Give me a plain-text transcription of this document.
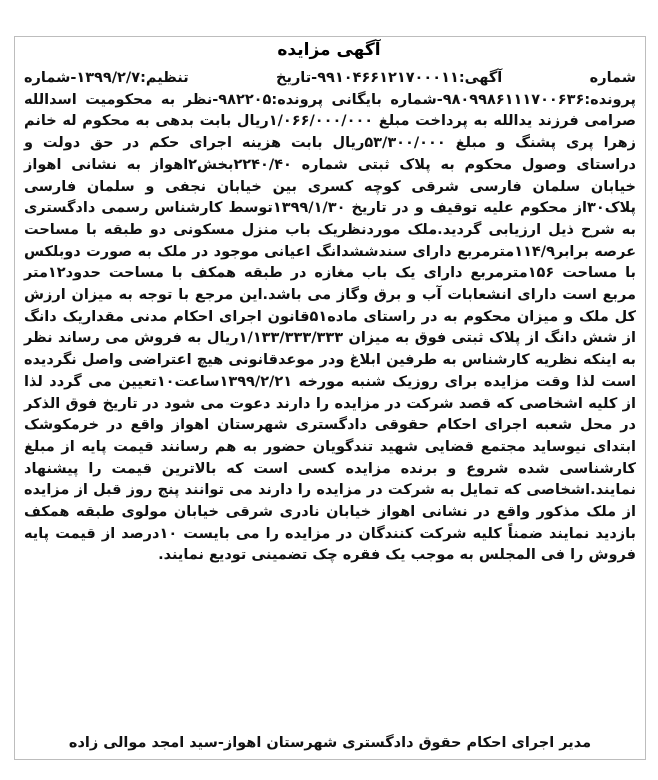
آگهی مزایده

شماره آگهی:۹۹۱۰۴۶۶۱۲۱۷۰۰۰۱۱-تاریخ تنظیم:۱۳۹۹/۲/۷-شماره پرونده:۹۸۰۹۹۸۶۱۱۱۷۰۰۶۳۶-شماره بایگانی پرونده:۹۸۲۲۰۵-نظر به محکومیت اسدالله صرامی فرزند یدالله به پرداخت مبلغ ۱/۰۶۶/۰۰۰/۰۰۰ریال بابت بدهی به محکوم له خانم زهرا پری پشنگ و مبلغ ۵۳/۳۰۰/۰۰۰ریال بابت هزینه اجرای حکم در حق دولت و دراستای وصول محکوم به پلاک ثبتی شماره ۲۲۴۰/۴۰بخش۲اهواز به نشانی اهواز خیابان سلمان فارسی شرقی کوچه کسری بین خیابان نجفی و سلمان فارسی پلاک۳۰از محکوم علیه توقیف و در تاریخ ۱۳۹۹/۱/۳۰توسط کارشناس رسمی دادگستری به شرح ذیل ارزیابی گردید.ملک موردنظریک باب منزل مسکونی دو طبقه با مساحت عرصه برابر۱۱۴/۹مترمربع دارای سندششدانگ اعیانی موجود در ملک به صورت دوبلکس با مساحت ۱۵۶مترمربع دارای یک باب مغازه در طبقه همکف با مساحت حدود۱۲متر مربع است دارای انشعابات آب و برق وگاز می باشد.این مرجع با توجه به میزان ارزش کل ملک و میزان محکوم به در راستای ماده۵۱قانون اجرای احکام مدنی مقداریک دانگ از شش دانگ از پلاک ثبتی فوق به میزان ۱/۱۳۳/۳۳۳/۳۳۳ریال به فروش می رساند نظر به اینکه نظریه کارشناس به طرفین ابلاغ ودر موعدقانونی هیچ اعتراضی واصل نگردیده است لذا وقت مزایده برای روزیک شنبه مورخه ۱۳۹۹/۲/۲۱ساعت۱۰تعیین می گردد لذا از کلیه اشخاصی که قصد شرکت در مزایده را دارند دعوت می شود در تاریخ فوق الذکر در محل شعبه اجرای احکام حقوقی دادگستری شهرستان اهواز واقع در خرمکوشک ابتدای نیوساید مجتمع قضایی شهید تندگویان حضور به هم رسانند قیمت پایه از مبلغ کارشناسی شده شروع و برنده مزایده کسی است که بالاترین قیمت را پیشنهاد نمایند.اشخاصی که تمایل به شرکت در مزایده را دارند می توانند پنج روز قبل از مزایده از ملک مذکور واقع در نشانی اهواز خیابان نادری شرقی خیابان مولوی طبقه همکف بازدید نمایند ضمناً کلیه شرکت کنندگان در مزایده را می بایست ۱۰درصد از قیمت پایه فروش را فی المجلس به موجب یک فقره چک تضمینی تودیع نمایند.

مدیر اجرای احکام حقوق دادگستری شهرستان اهواز-سید امجد موالی زاده
